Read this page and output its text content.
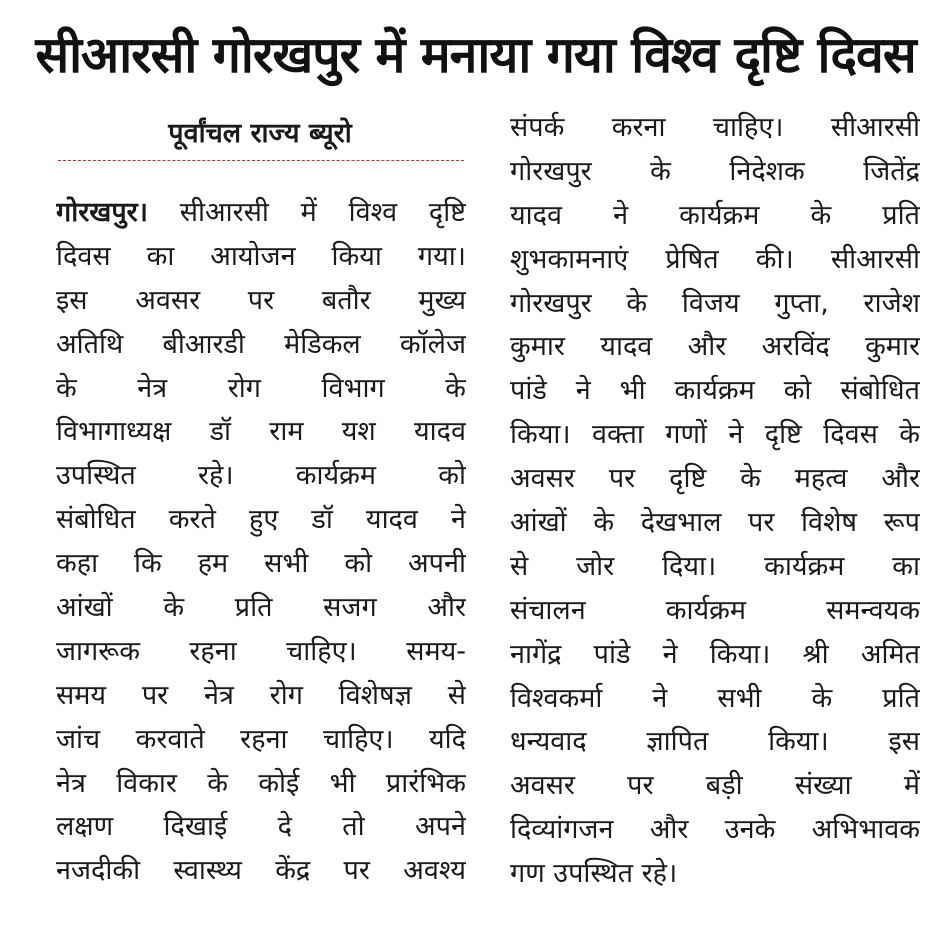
सीआरसी गोरखपुर में मनाया गया विश्व दृष्टि दिवस
पूर्वांचल राज्य ब्यूरो
गोरखपुर। सीआरसी में विश्व दृष्टि
दिवस का आयोजन किया गया।
इस अवसर पर बतौर मुख्य
अतिथि बीआरडी मेडिकल कॉलेज
के नेत्र रोग विभाग के
विभागाध्यक्ष डॉ राम यश यादव
उपस्थित रहे। कार्यक्रम को
संबोधित करते हुए डॉ यादव ने
कहा कि हम सभी को अपनी
आंखों के प्रति सजग और
जागरूक रहना चाहिए। समय-
समय पर नेत्र रोग विशेषज्ञ से
जांच करवाते रहना चाहिए। यदि
नेत्र विकार के कोई भी प्रारंभिक
लक्षण दिखाई दे तो अपने
नजदीकी स्वास्थ्य केंद्र पर अवश्य
संपर्क करना चाहिए। सीआरसी
गोरखपुर के निदेशक जितेंद्र
यादव ने कार्यक्रम के प्रति
शुभकामनाएं प्रेषित की। सीआरसी
गोरखपुर के विजय गुप्ता, राजेश
कुमार यादव और अरविंद कुमार
पांडे ने भी कार्यक्रम को संबोधित
किया। वक्ता गणों ने दृष्टि दिवस के
अवसर पर दृष्टि के महत्व और
आंखों के देखभाल पर विशेष रूप
से जोर दिया। कार्यक्रम का
संचालन कार्यक्रम समन्वयक
नागेंद्र पांडे ने किया। श्री अमित
विश्वकर्मा ने सभी के प्रति
धन्यवाद ज्ञापित किया। इस
अवसर पर बड़ी संख्या में
दिव्यांगजन और उनके अभिभावक
गण उपस्थित रहे।
